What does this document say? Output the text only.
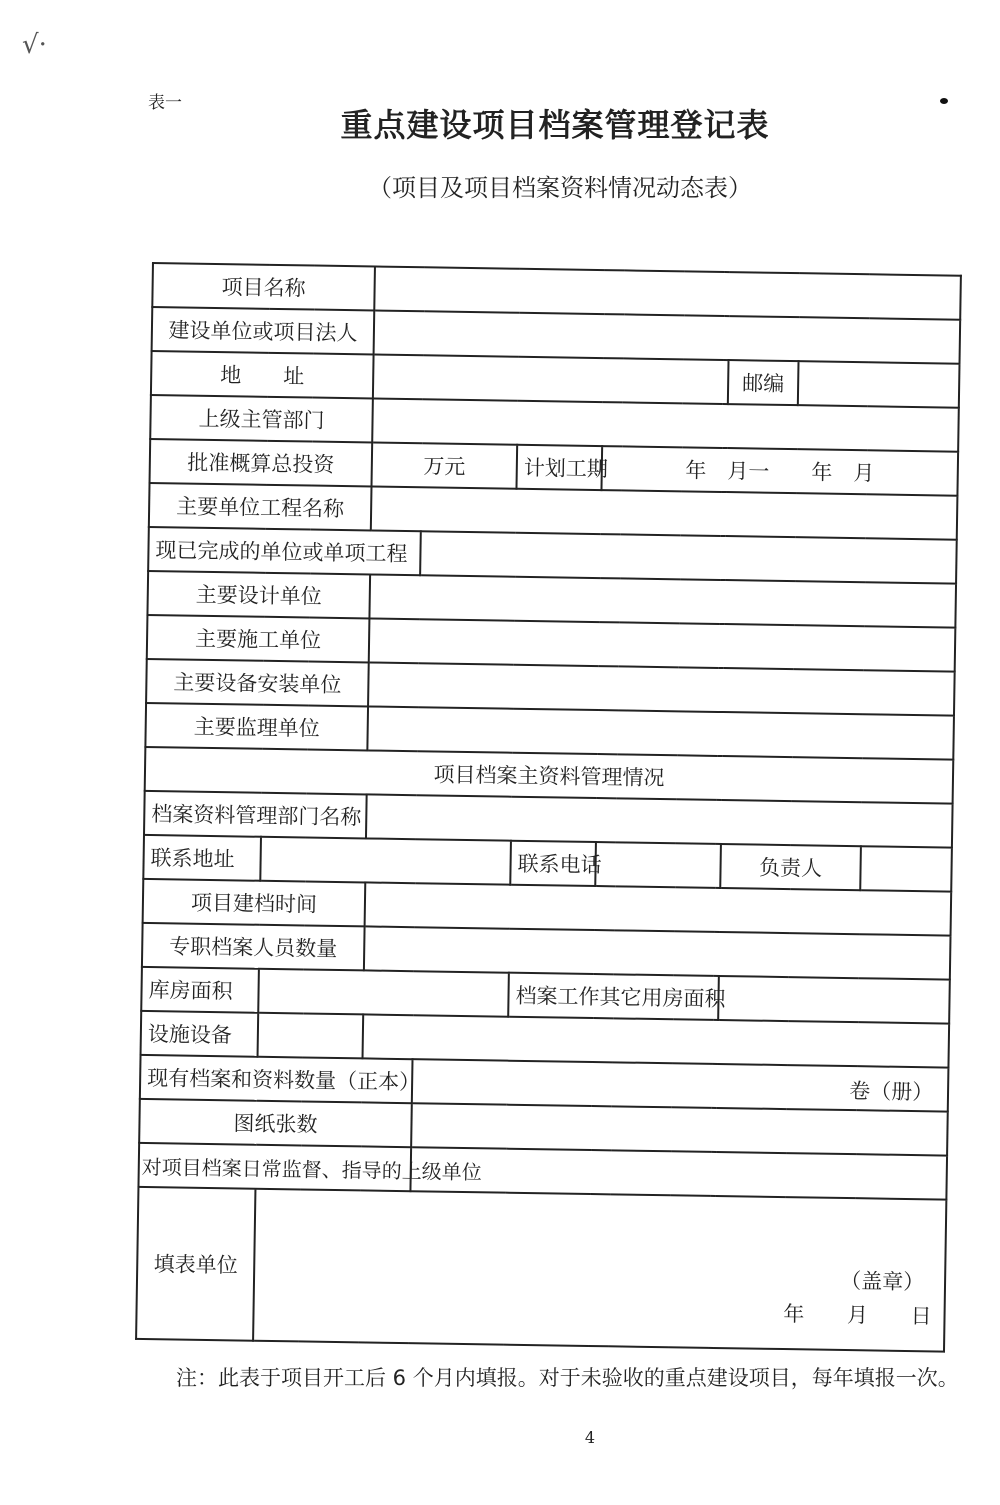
√·
表一
重点建设项目档案管理登记表
（项目及项目档案资料情况动态表）
项目名称								
建设单位或项目法人								
地　　址						邮编		
上级主管部门								
批准概算总投资		万元		计划工期	年　月一　　年　月			
主要单位工程名称								
现已完成的单位或单项工程								
主要设计单位								
主要施工单位								
主要设备安装单位								
主要监理单位								
项目档案主资料管理情况								
档案资料管理部门名称								
联系地址				联系电话		负责人		
项目建档时间								
专职档案人员数量								
库房面积				档案工作其它用房面积				
设施设备								
现有档案和资料数量（正本）			卷（册）					

图纸张数								
对项目档案日常监督、指导的上级单位								
填表单位	（盖章）
年 月 日							
注：此表于项目开工后 6 个月内填报。对于未验收的重点建设项目，每年填报一次。
4
